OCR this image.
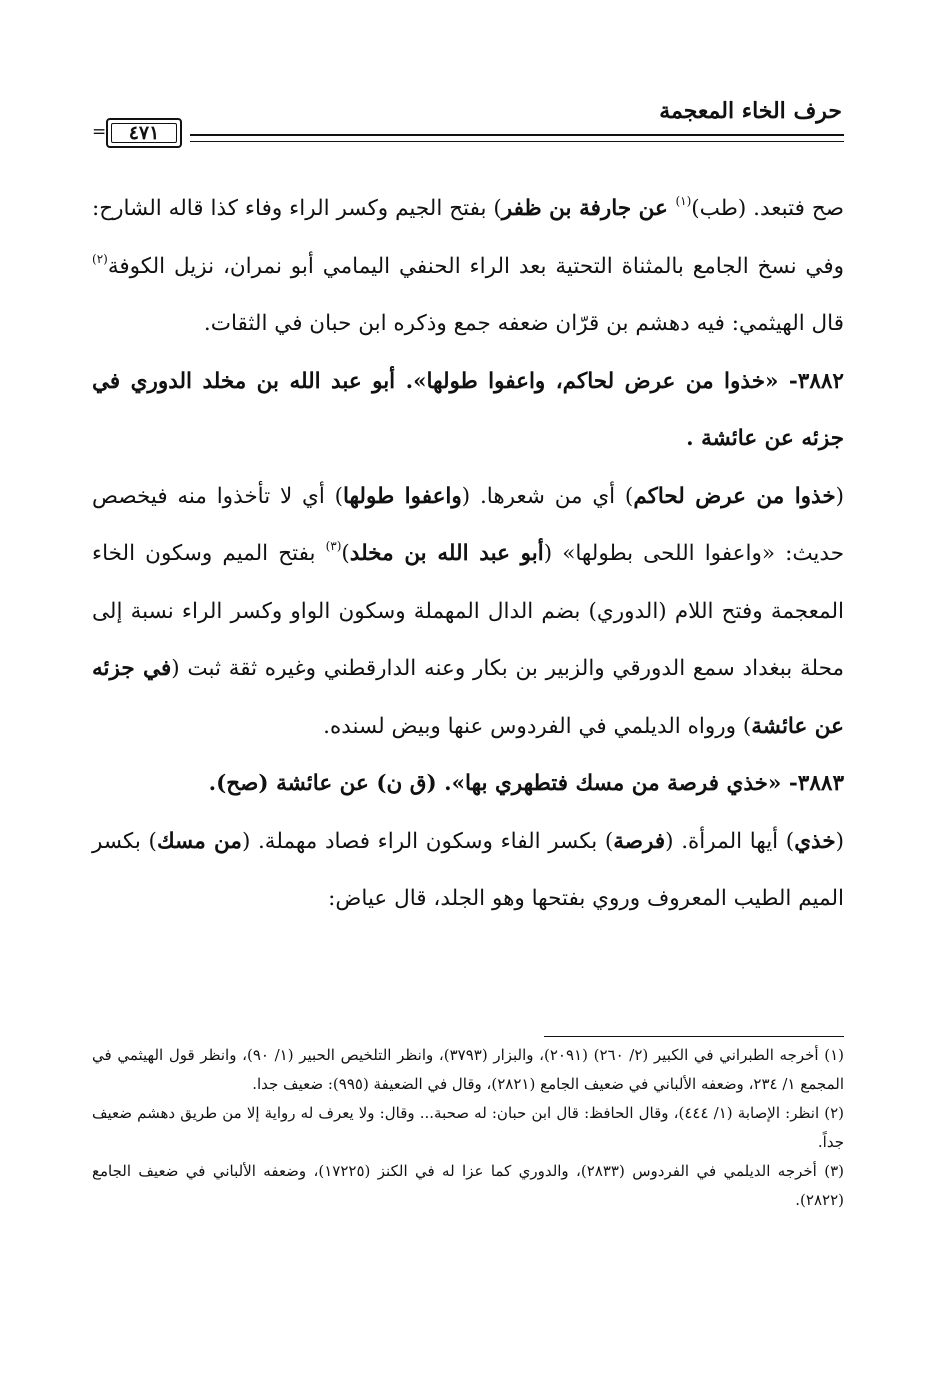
حرف الخاء المعجمة
٤٧١
=

صح فتبعد. (طب)$^{(١)}$ عن جارفة بن ظفر) بفتح الجيم وكسر الراء وفاء كذا قاله الشارح: وفي نسخ الجامع بالمثناة التحتية بعد الراء الحنفي اليمامي أبو نمران، نزيل الكوفة$^{(٢)}$ قال الهيثمي: فيه دهشم بن قرّان ضعفه جمع وذكره ابن حبان في الثقات.

٣٨٨٢- «خذوا من عرض لحاكم، واعفوا طولها». أبو عبد الله بن مخلد الدوري في جزئه عن عائشة .

(خذوا من عرض لحاكم) أي من شعرها. (واعفوا طولها) أي لا تأخذوا منه فيخصص حديث: «واعفوا اللحى بطولها» (أبو عبد الله بن مخلد)$^{(٣)}$ بفتح الميم وسكون الخاء المعجمة وفتح اللام (الدوري) بضم الدال المهملة وسكون الواو وكسر الراء نسبة إلى محلة ببغداد سمع الدورقي والزبير بن بكار وعنه الدارقطني وغيره ثقة ثبت (في جزئه عن عائشة) ورواه الديلمي في الفردوس عنها وبيض لسنده.

٣٨٨٣- «خذي فرصة من مسك فتطهري بها». (ق ن) عن عائشة (صح).

(خذي) أيها المرأة. (فرصة) بكسر الفاء وسكون الراء فصاد مهملة. (من مسك) بكسر الميم الطيب المعروف وروي بفتحها وهو الجلد، قال عياض:

(١) أخرجه الطبراني في الكبير (٢/ ٢٦٠) (٢٠٩١)، والبزار (٣٧٩٣)، وانظر التلخيص الحبير (١/ ٩٠)، وانظر قول الهيثمي في المجمع ١/ ٢٣٤، وضعفه الألباني في ضعيف الجامع (٢٨٢١)، وقال في الضعيفة (٩٩٥): ضعيف جدا.

(٢) انظر: الإصابة (١/ ٤٤٤)، وقال الحافظ: قال ابن حبان: له صحبة... وقال: ولا يعرف له رواية إلا من طريق دهشم ضعيف جداً.

(٣) أخرجه الديلمي في الفردوس (٢٨٣٣)، والدوري كما عزا له في الكنز (١٧٢٢٥)، وضعفه الألباني في ضعيف الجامع (٢٨٢٢).
